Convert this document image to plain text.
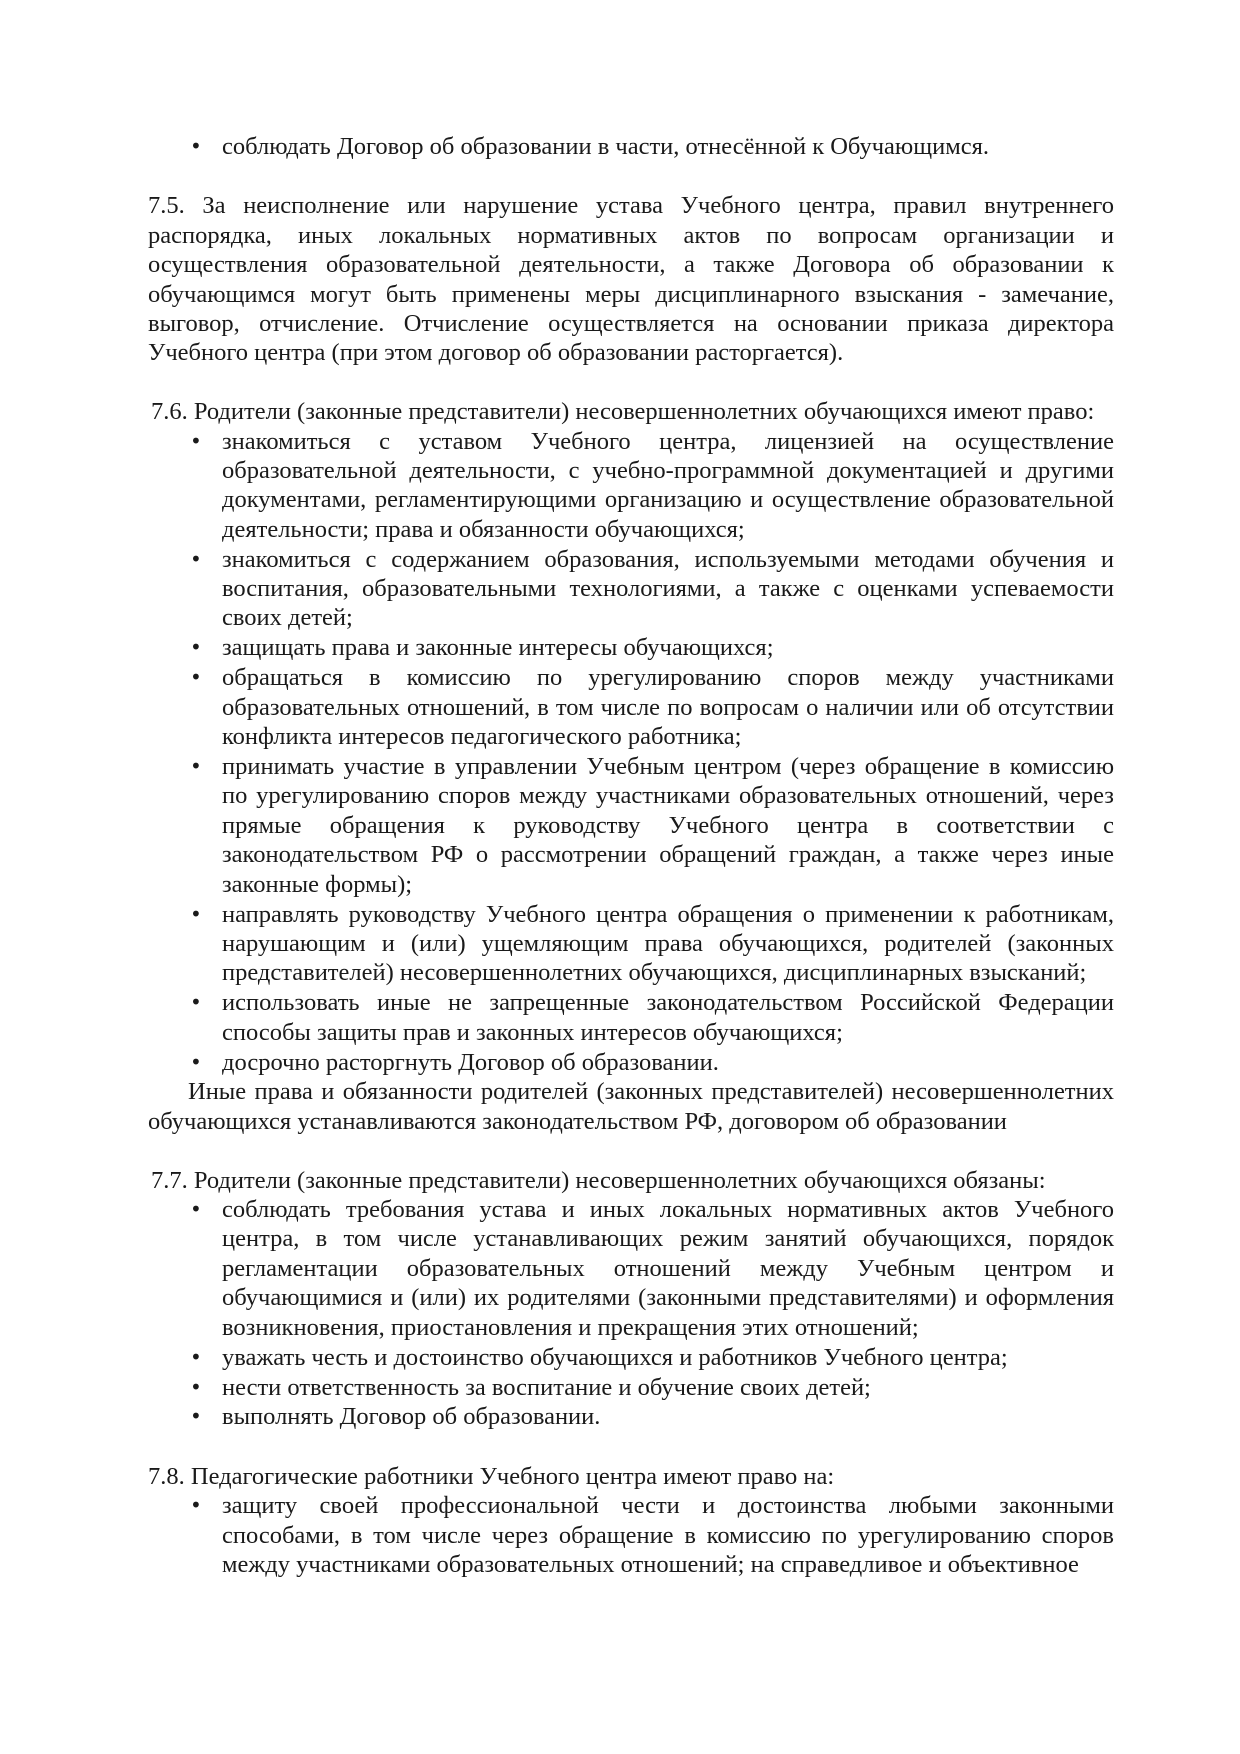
• соблюдать Договор об образовании в части, отнесённой к Обучающимся.

7.5. За неисполнение или нарушение устава Учебного центра, правил внутреннего распорядка, иных локальных нормативных актов по вопросам организации и осуществления образовательной деятельности, а также Договора об образовании к обучающимся могут быть применены меры дисциплинарного взыскания - замечание, выговор, отчисление. Отчисление осуществляется на основании приказа директора Учебного центра (при этом договор об образовании расторгается).

7.6. Родители (законные представители) несовершеннолетних обучающихся имеют право:

• знакомиться с уставом Учебного центра, лицензией на осуществление образовательной деятельности, с учебно-программной документацией и другими документами, регламентирующими организацию и осуществление образовательной деятельности; права и обязанности обучающихся;
• знакомиться с содержанием образования, используемыми методами обучения и воспитания, образовательными технологиями, а также с оценками успеваемости своих детей;
• защищать права и законные интересы обучающихся;
• обращаться в комиссию по урегулированию споров между участниками образовательных отношений, в том числе по вопросам о наличии или об отсутствии конфликта интересов педагогического работника;
• принимать участие в управлении Учебным центром (через обращение в комиссию по урегулированию споров между участниками образовательных отношений, через прямые обращения к руководству Учебного центра в соответствии с законодательством РФ о рассмотрении обращений граждан, а также через иные законные формы);
• направлять руководству Учебного центра обращения о применении к работникам, нарушающим и (или) ущемляющим права обучающихся, родителей (законных представителей) несовершеннолетних обучающихся, дисциплинарных взысканий;
• использовать иные не запрещенные законодательством Российской Федерации способы защиты прав и законных интересов обучающихся;
• досрочно расторгнуть Договор об образовании.

Иные права и обязанности родителей (законных представителей) несовершеннолетних обучающихся устанавливаются законодательством РФ, договором об образовании

7.7. Родители (законные представители) несовершеннолетних обучающихся обязаны:

• соблюдать требования устава и иных локальных нормативных актов Учебного центра, в том числе устанавливающих режим занятий обучающихся, порядок регламентации образовательных отношений между Учебным центром и обучающимися и (или) их родителями (законными представителями) и оформления возникновения, приостановления и прекращения этих отношений;
• уважать честь и достоинство обучающихся и работников Учебного центра;
• нести ответственность за воспитание и обучение своих детей;
• выполнять Договор об образовании.

7.8. Педагогические работники Учебного центра имеют право на:

• защиту своей профессиональной чести и достоинства любыми законными способами, в том числе через обращение в комиссию по урегулированию споров между участниками образовательных отношений; на справедливое и объективное
